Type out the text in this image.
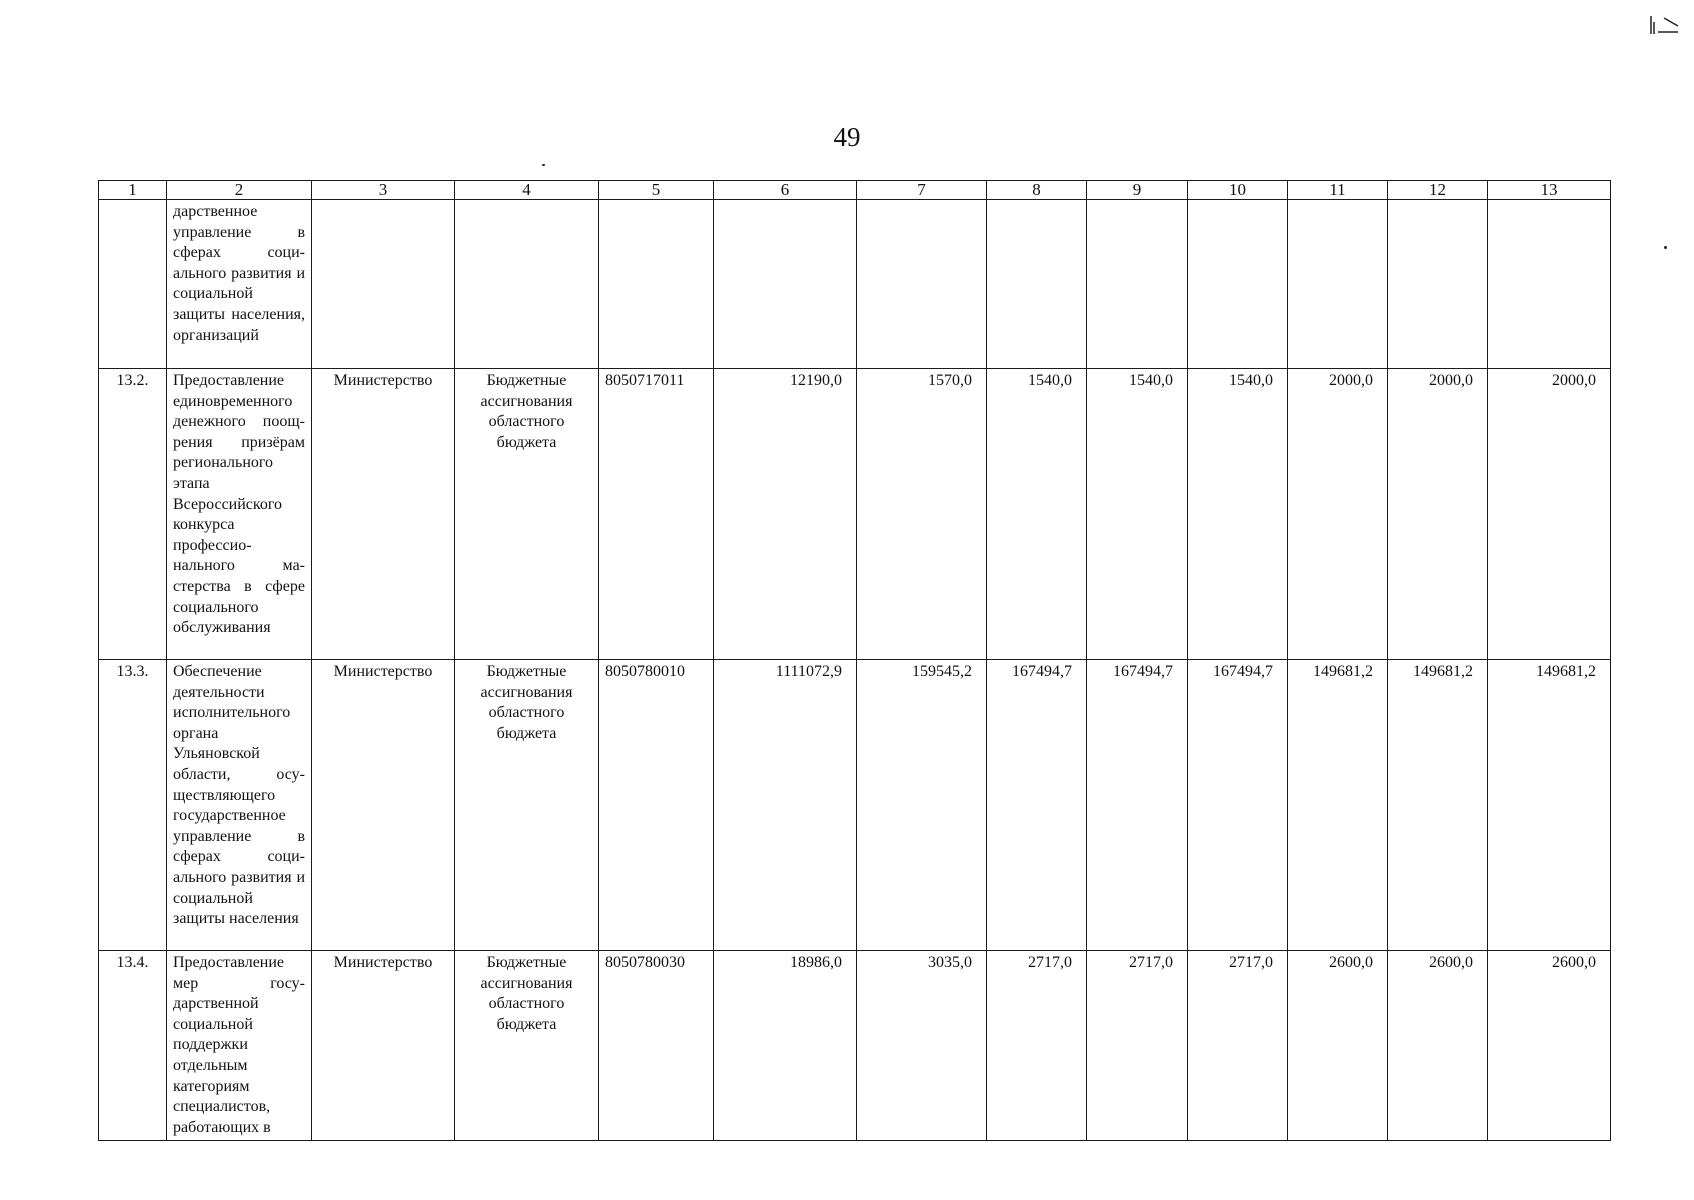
49
1	2	3	4	5	6	7	8	9	10	11	12	13
	дарственное управление в сферах социального развития и социальной защиты населения, организаций											
13.2.	Предоставление единовременного денежного поощрения призёрам регионального этапа Всероссийского конкурса профессионального мастерства в сфере социального обслуживания	Министерство	Бюджетные ассигнования областного бюджета	8050717011	12190,0	1570,0	1540,0	1540,0	1540,0	2000,0	2000,0	2000,0
13.3.	Обеспечение деятельности исполнительного органа Ульяновской области, осуществляющего государственное управление в сферах социального развития и социальной защиты населения	Министерство	Бюджетные ассигнования областного бюджета	8050780010	1111072,9	159545,2	167494,7	167494,7	167494,7	149681,2	149681,2	149681,2
13.4.	Предоставление мер государственной социальной поддержки отдельным категориям специалистов, работающих в	Министерство	Бюджетные ассигнования областного бюджета	8050780030	18986,0	3035,0	2717,0	2717,0	2717,0	2600,0	2600,0	2600,0
